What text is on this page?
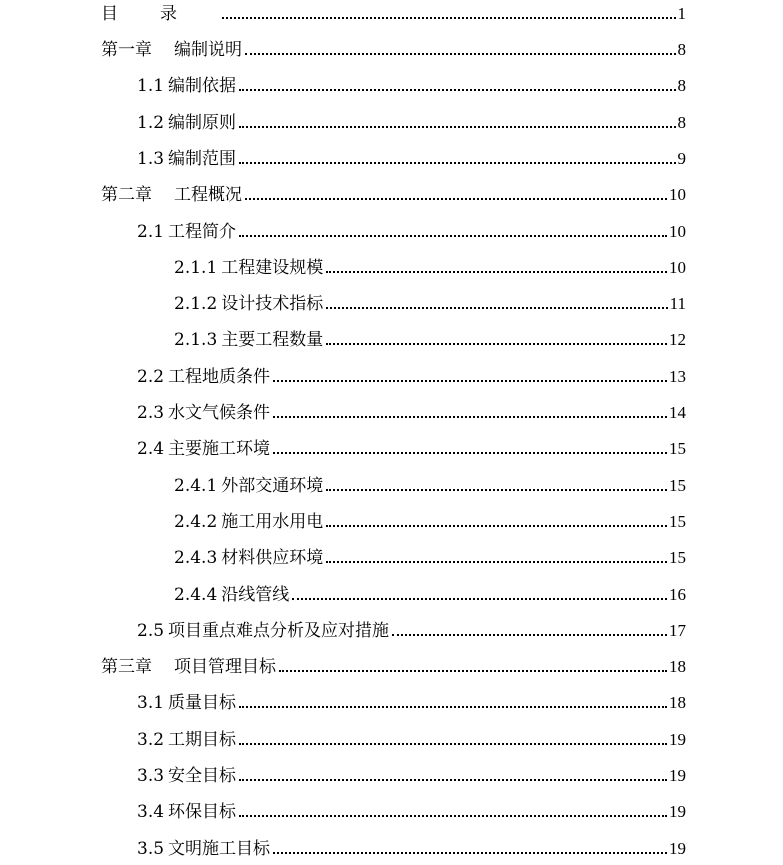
目录	1
第一章 编制说明	8
1.1 编制依据	8
1.2 编制原则	8
1.3 编制范围	9
第二章 工程概况	10
2.1 工程简介	10
2.1.1 工程建设规模	10
2.1.2 设计技术指标	11
2.1.3 主要工程数量	12
2.2 工程地质条件	13
2.3 水文气候条件	14
2.4 主要施工环境	15
2.4.1 外部交通环境	15
2.4.2 施工用水用电	15
2.4.3 材料供应环境	15
2.4.4 沿线管线	16
2.5 项目重点难点分析及应对措施	17
第三章 项目管理目标	18
3.1 质量目标	18
3.2 工期目标	19
3.3 安全目标	19
3.4 环保目标	19
3.5 文明施工目标	19
